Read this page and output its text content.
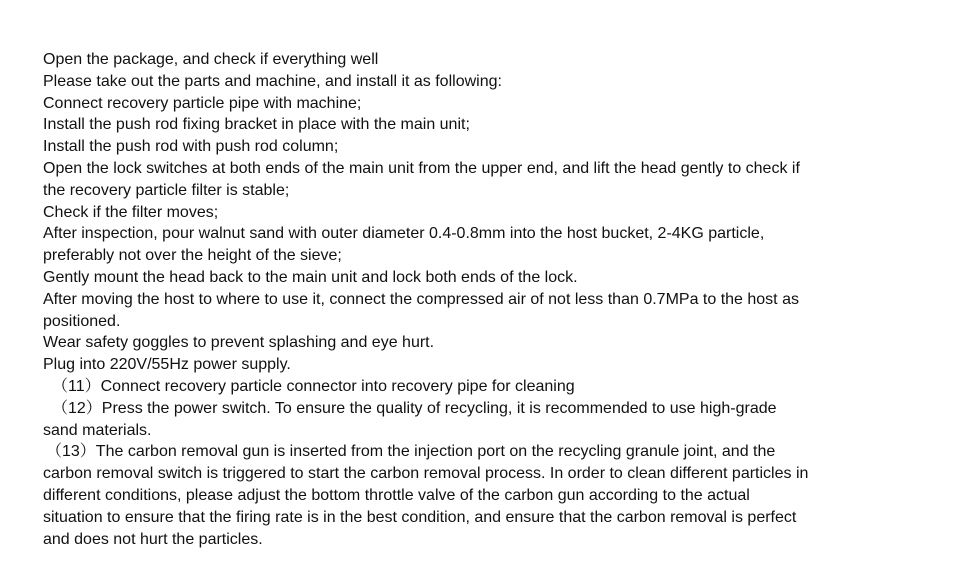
Open the package, and check if everything well
Please take out the parts and machine, and install it as following:
Connect recovery particle pipe with machine;
Install the push rod fixing bracket in place with the main unit;
Install the push rod with push rod column;
Open the lock switches at both ends of the main unit from the upper end, and lift the head gently to check if
the recovery particle filter is stable;
Check if the filter moves;
After inspection, pour walnut sand with outer diameter 0.4-0.8mm into the host bucket, 2-4KG particle,
preferably not over the height of the sieve;
Gently mount the head back to the main unit and lock both ends of the lock.
After moving the host to where to use it, connect the compressed air of not less than 0.7MPa to the host as
positioned.
Wear safety goggles to prevent splashing and eye hurt.
Plug into 220V/55Hz power supply.
（11）Connect recovery particle connector into recovery pipe for cleaning
（12）Press the power switch. To ensure the quality of recycling, it is recommended to use high-grade
sand materials.
（13）The carbon removal gun is inserted from the injection port on the recycling granule joint, and the
carbon removal switch is triggered to start the carbon removal process. In order to clean different particles in
different conditions, please adjust the bottom throttle valve of the carbon gun according to the actual
situation to ensure that the firing rate is in the best condition, and ensure that the carbon removal is perfect
and does not hurt the particles.
